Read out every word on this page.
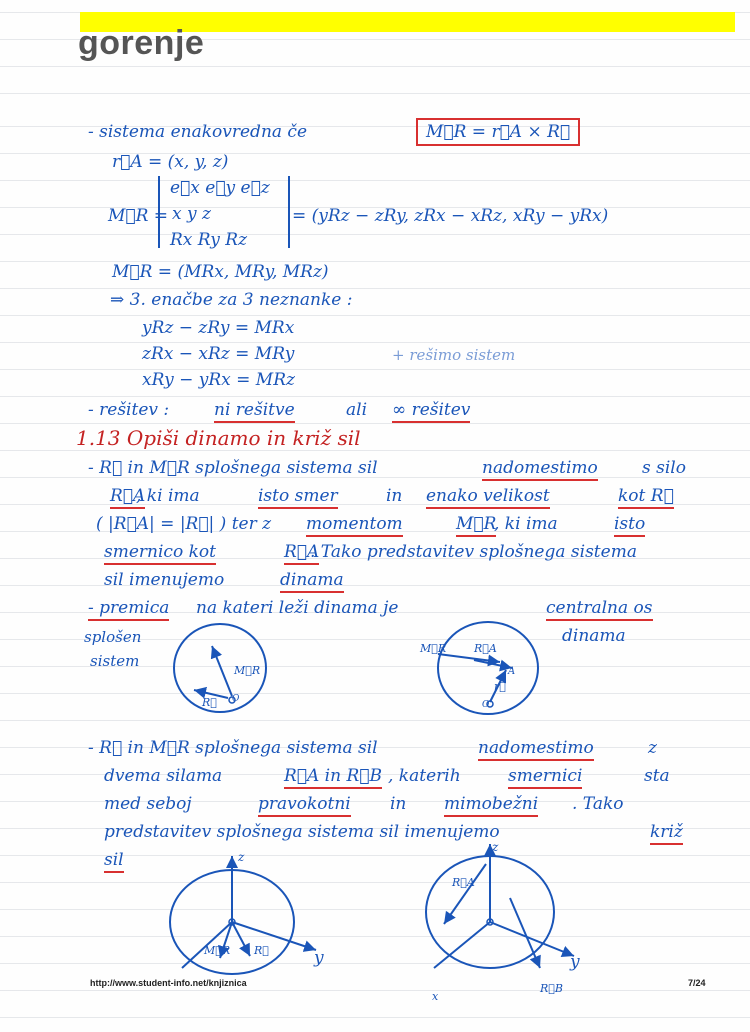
gorenje
- sistema enakovredna če	M⃗R = r⃗A × R⃗
r⃗A = (x, y, z)
M⃗R =
e⃗x e⃗y e⃗z
x y z
Rx Ry Rz
= (yRz − zRy, zRx − xRz, xRy − yRx)
M⃗R = (MRx, MRy, MRz)
⇒ 3. enačbe za 3 neznanke :
yRz − zRy = MRx
zRx − xRz = MRy
xRy − yRx = MRz
+ rešimo sistem
- rešitev :	ni rešitve	ali ∞ rešitev
1.13 Opiši dinamo in križ sil
- R⃗ in M⃗R splošnega sistema sil	nadomestimo	s silo
R⃗A
, ki ima	isto smer	in enako velikost	kot R⃗
( |R⃗A| = |R⃗| ) ter z momentom	M⃗R
, ki ima	isto
smernico kot	R⃗A
. Tako predstavitev splošnega sistema
sil imenujemo	dinama
- premica na kateri leži dinama je	centralna os
dinama
splošen
sistem
M⃗R
R⃗ O
M⃗R	R⃗A
A
r⃗
O
- R⃗ in M⃗R splošnega sistema sil	nadomestimo	z
dvema silama	R⃗A in R⃗B , katerih	smernici	sta
med seboj	pravokotni in mimobežni . Tako
predstavitev splošnega sistema sil imenujemo	križ
sil	z
y
M⃗R R⃗
z
y
x
R⃗A
R⃗B
http://www.student-info.net/knjiznica	7/24
